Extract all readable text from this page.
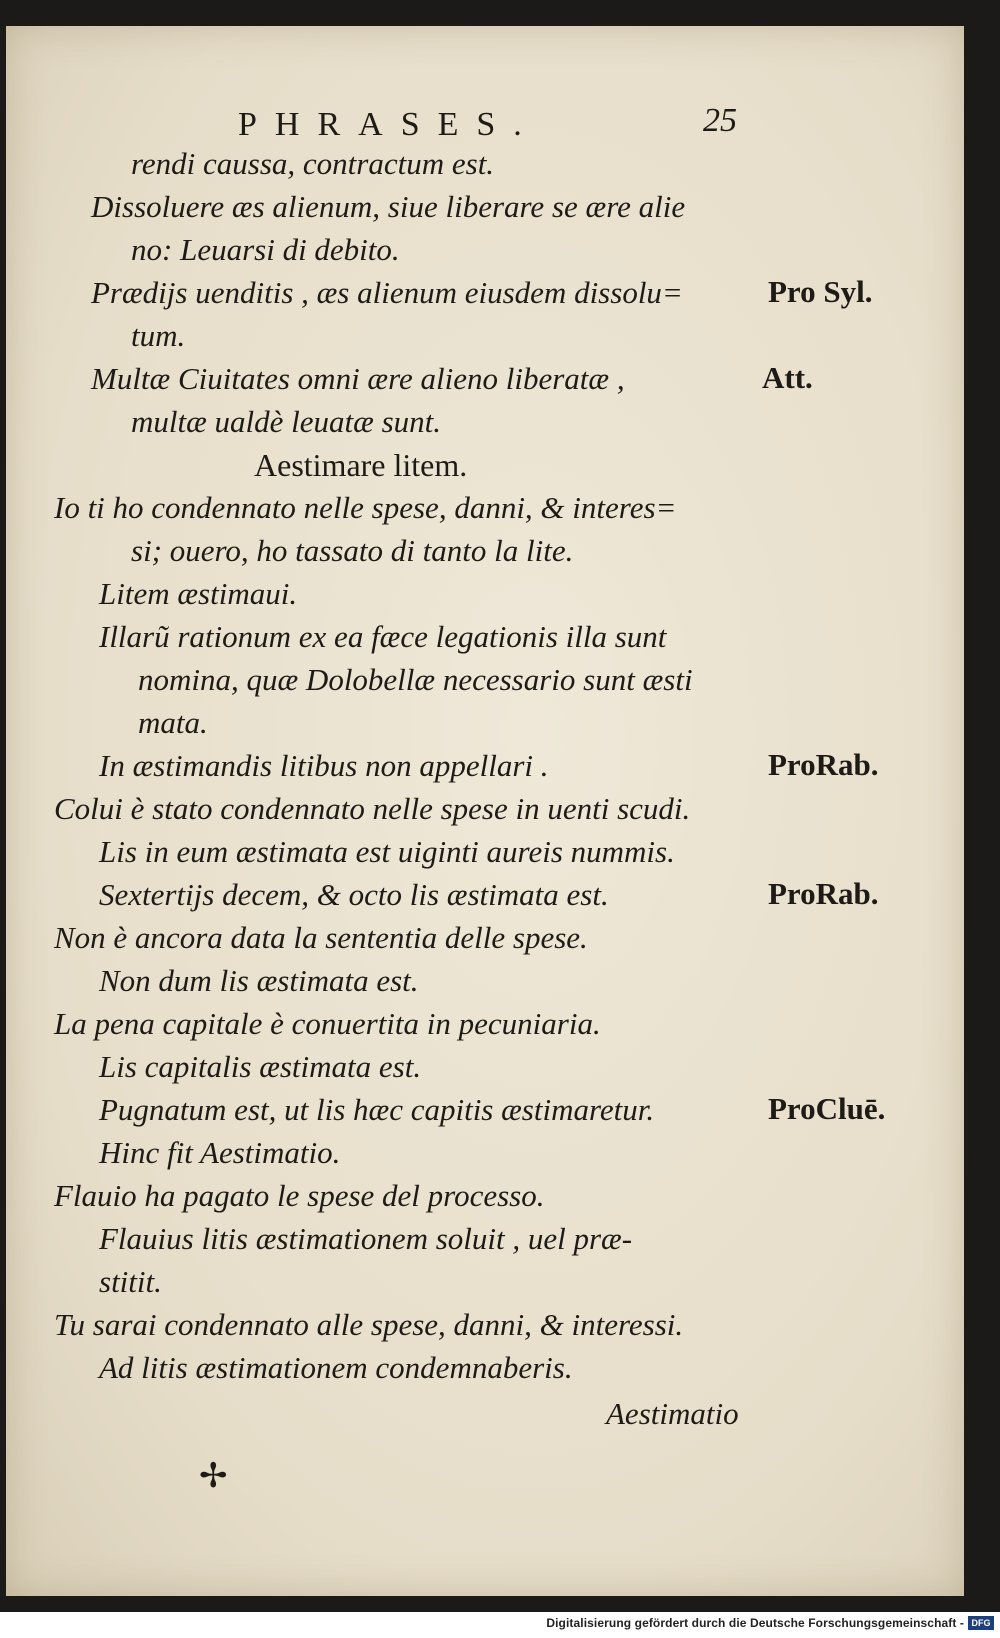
PHRASES.	25
rendi caussa, contractum est.
Dissoluere æs alienum, siue liberare se ære alie
no: Leuarsi di debito.
Prædijs uenditis , æs alienum eiusdem dissolu=
tum.
Multæ Ciuitates omni ære alieno liberatæ ,
multæ ualdè leuatæ sunt.
Aestimare litem.
Io ti ho condennato nelle spese, danni, & interes=
si; ouero, ho tassato di tanto la lite.
Litem æstimaui.
Illarũ rationum ex ea fæce legationis illa sunt
nomina, quæ Dolobellæ necessario sunt æsti
mata.
In æstimandis litibus non appellari .
Colui è stato condennato nelle spese in uenti scudi.
Lis in eum æstimata est uiginti aureis nummis.
Sextertijs decem, & octo lis æstimata est.
Non è ancora data la sententia delle spese.
Non dum lis æstimata est.
La pena capitale è conuertita in pecuniaria.
Lis capitalis æstimata est.
Pugnatum est, ut lis hæc capitis æstimaretur.
Hinc fit Aestimatio.
Flauio ha pagato le spese del processo.
Flauius litis æstimationem soluit , uel præ-
stitit.
Tu sarai condennato alle spese, danni, & interessi.
Ad litis æstimationem condemnaberis.
Pro Syl.
Att.
ProRab.
ProRab.
ProCluē.
Aestimatio
✢
Digitalisierung gefördert durch die Deutsche Forschungsgemeinschaft - DFG
